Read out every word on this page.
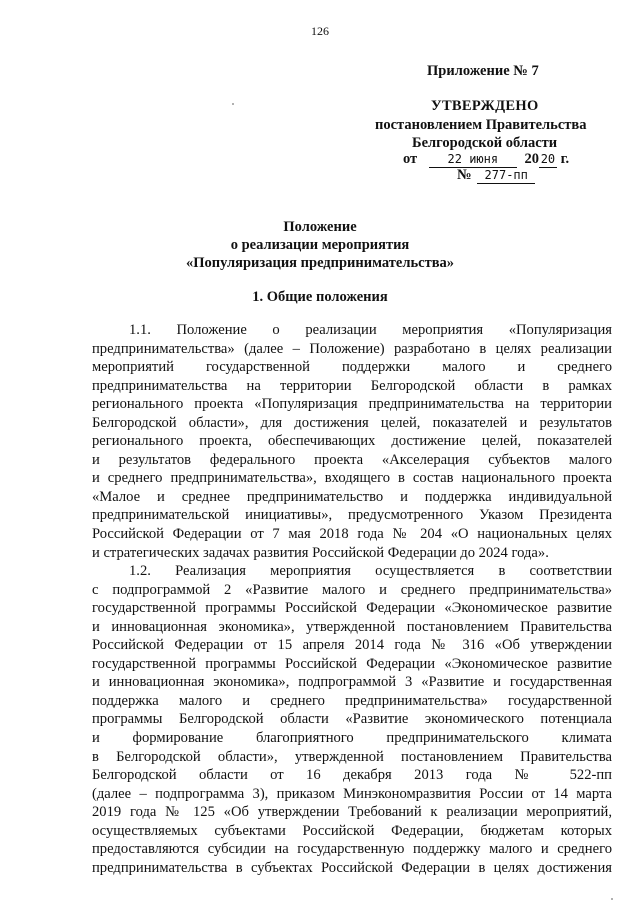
126
Приложение № 7
УТВЕРЖДЕНО
постановлением Правительства
Белгородской области
от	22 июня 20 20 г.
№ 277-пп
Положение
о реализации мероприятия
«Популяризация предпринимательства»
1. Общие положения
1.1. Положение о реализации мероприятия «Популяризация
предпринимательства» (далее – Положение) разработано в целях реализации
мероприятий государственной поддержки малого и среднего
предпринимательства на территории Белгородской области в рамках
регионального проекта «Популяризация предпринимательства на территории
Белгородской области», для достижения целей, показателей и результатов
регионального проекта, обеспечивающих достижение целей, показателей
и результатов федерального проекта «Акселерация субъектов малого
и среднего предпринимательства», входящего в состав национального проекта
«Малое и среднее предпринимательство и поддержка индивидуальной
предпринимательской инициативы», предусмотренного Указом Президента
Российской Федерации от 7 мая 2018 года № 204 «О национальных целях
и стратегических задачах развития Российской Федерации до 2024 года».
1.2. Реализация мероприятия осуществляется в соответствии
с подпрограммой 2 «Развитие малого и среднего предпринимательства»
государственной программы Российской Федерации «Экономическое развитие
и инновационная экономика», утвержденной постановлением Правительства
Российской Федерации от 15 апреля 2014 года № 316 «Об утверждении
государственной программы Российской Федерации «Экономическое развитие
и инновационная экономика», подпрограммой 3 «Развитие и государственная
поддержка малого и среднего предпринимательства» государственной
программы Белгородской области «Развитие экономического потенциала
и формирование благоприятного предпринимательского климата
в Белгородской области», утвержденной постановлением Правительства
Белгородской области от 16 декабря 2013 года № 522-пп
(далее – подпрограмма 3), приказом Минэкономразвития России от 14 марта
2019 года № 125 «Об утверждении Требований к реализации мероприятий,
осуществляемых субъектами Российской Федерации, бюджетам которых
предоставляются субсидии на государственную поддержку малого и среднего
предпринимательства в субъектах Российской Федерации в целях достижения
